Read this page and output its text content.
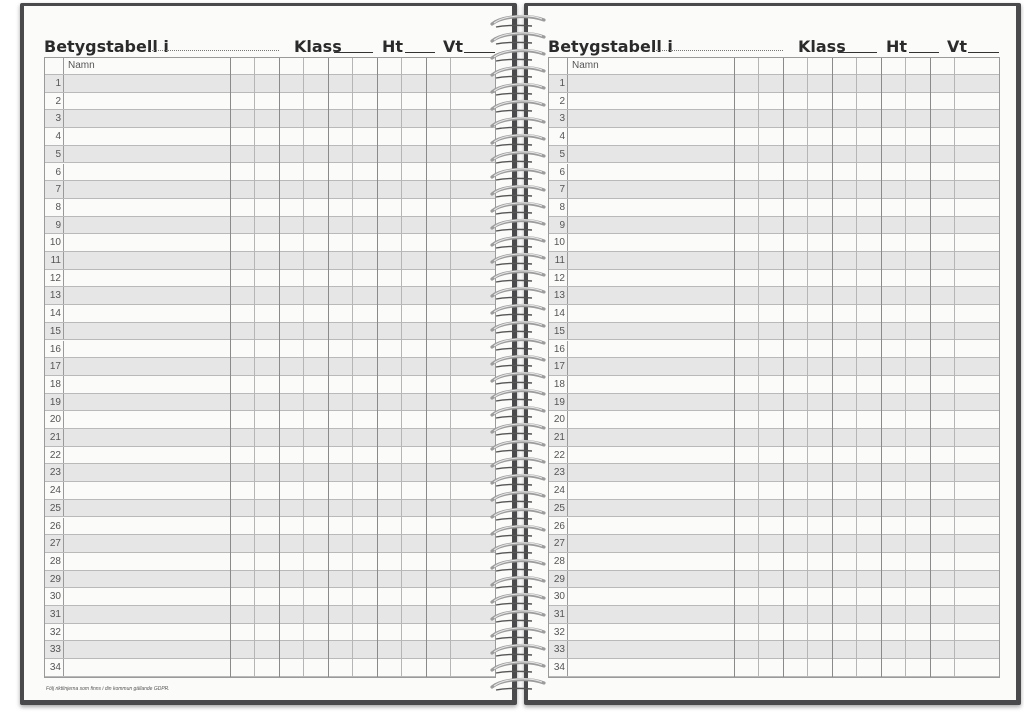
Betygstabell i	Klass	Ht Vt
Namn
1
2
3
4
5
6
7
8
9
10
11
12
13
14
15
16
17
18
19
20
21
22
23
24
25
26
27
28
29
30
31
32
33
34
Följ riktlinjerna som finns i din kommun gällande GDPR.
Betygstabell i	Klass	Ht Vt
Namn
1
2
3
4
5
6
7
8
9
10
11
12
13
14
15
16
17
18
19
20
21
22
23
24
25
26
27
28
29
30
31
32
33
34
